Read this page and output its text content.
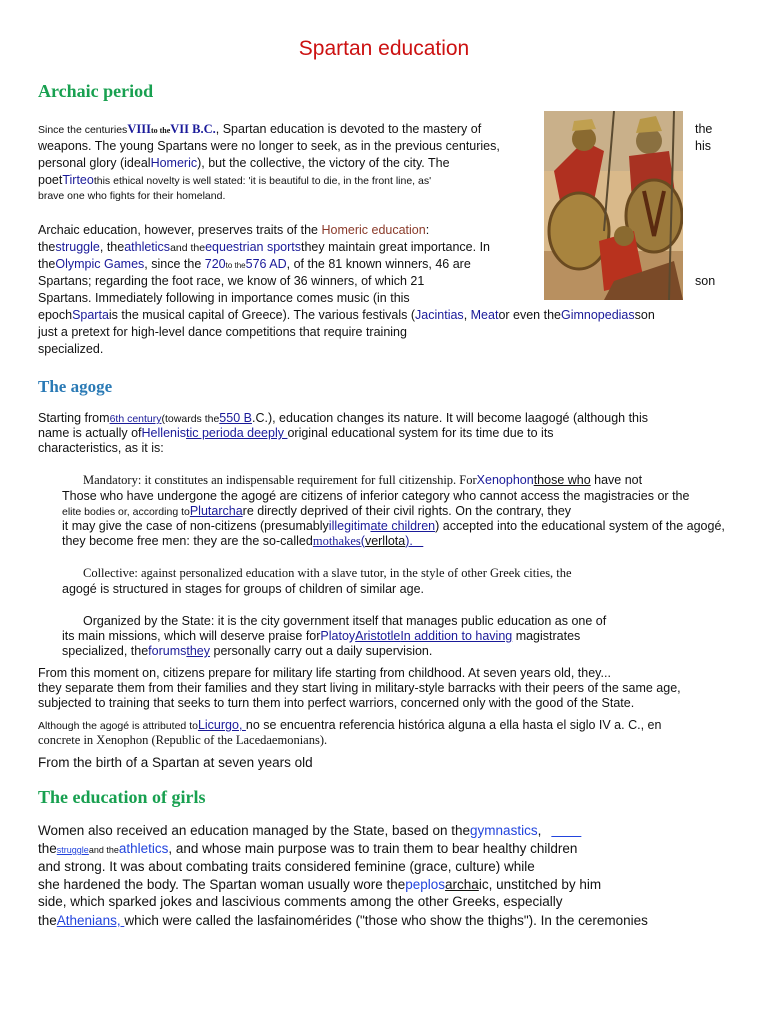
Spartan education
Archaic period
Since the centuriesVIIIto theVII B.C., Spartan education is devoted to the mastery of	the
weapons. The young Spartans were no longer to seek, as in the previous centuries,	his
personal glory (idealHomeric), but the collective, the victory of the city. The
poetTirteothis ethical novelty is well stated: 'it is beautiful to die, in the front line, as'
brave one who fights for their homeland.
Archaic education, however, preserves traits of the Homeric education:
thestruggle, theathleticsand theequestrian sportsthey maintain great importance. In
theOlympic Games, since the 720to the576 AD, of the 81 known winners, 46 are
Spartans; regarding the foot race, we know of 36 winners, of which 21	son
Spartans. Immediately following in importance comes music (in this
epochSpartais the musical capital of Greece). The various festivals (Jacintias, Meator even theGimnopediasson
just a pretext for high-level dance competitions that require training
specialized.
The agoge
Starting from6th century(towards the550 B.C.), education changes its nature. It will become laagogé (although this
name is actually ofHellenistic perioda deeply original educational system for its time due to its
characteristics, as it is:
Mandatory: it constitutes an indispensable requirement for full citizenship. ForXenophonthose who have not
Those who have undergone the agogé are citizens of inferior category who cannot access the magistracies or the
elite bodies or, according toPlutarchare directly deprived of their civil rights. On the contrary, they
it may give the case of non-citizens (presumablyillegitimate children) accepted into the educational system of the agogé,
they become free men: they are the so-calledmothakes(verllota).
Collective: against personalized education with a slave tutor, in the style of other Greek cities, the
agogé is structured in stages for groups of children of similar age.
Organized by the State: it is the city government itself that manages public education as one of
its main missions, which will deserve praise forPlatoyAristotleIn addition to having magistrates
specialized, theforumsthey personally carry out a daily supervision.
From this moment on, citizens prepare for military life starting from childhood. At seven years old, they...
they separate them from their families and they start living in military-style barracks with their peers of the same age,
subjected to training that seeks to turn them into perfect warriors, concerned only with the good of the State.
Although the agogé is attributed toLicurgo, no se encuentra referencia histórica alguna a ella hasta el siglo IV a. C., en
concrete in Xenophon (Republic of the Lacedaemonians).
From the birth of a Spartan at seven years old
The education of girls
Women also received an education managed by the State, based on thegymnastics,
thestruggleand theathletics, and whose main purpose was to train them to bear healthy children
and strong. It was about combating traits considered feminine (grace, culture) while
she hardened the body. The Spartan woman usually wore thepeplosarchaic, unstitched by him
side, which sparked jokes and lascivious comments among the other Greeks, especially
theAthenians, which were called the lasfainomérides ("those who show the thighs"). In the ceremonies
